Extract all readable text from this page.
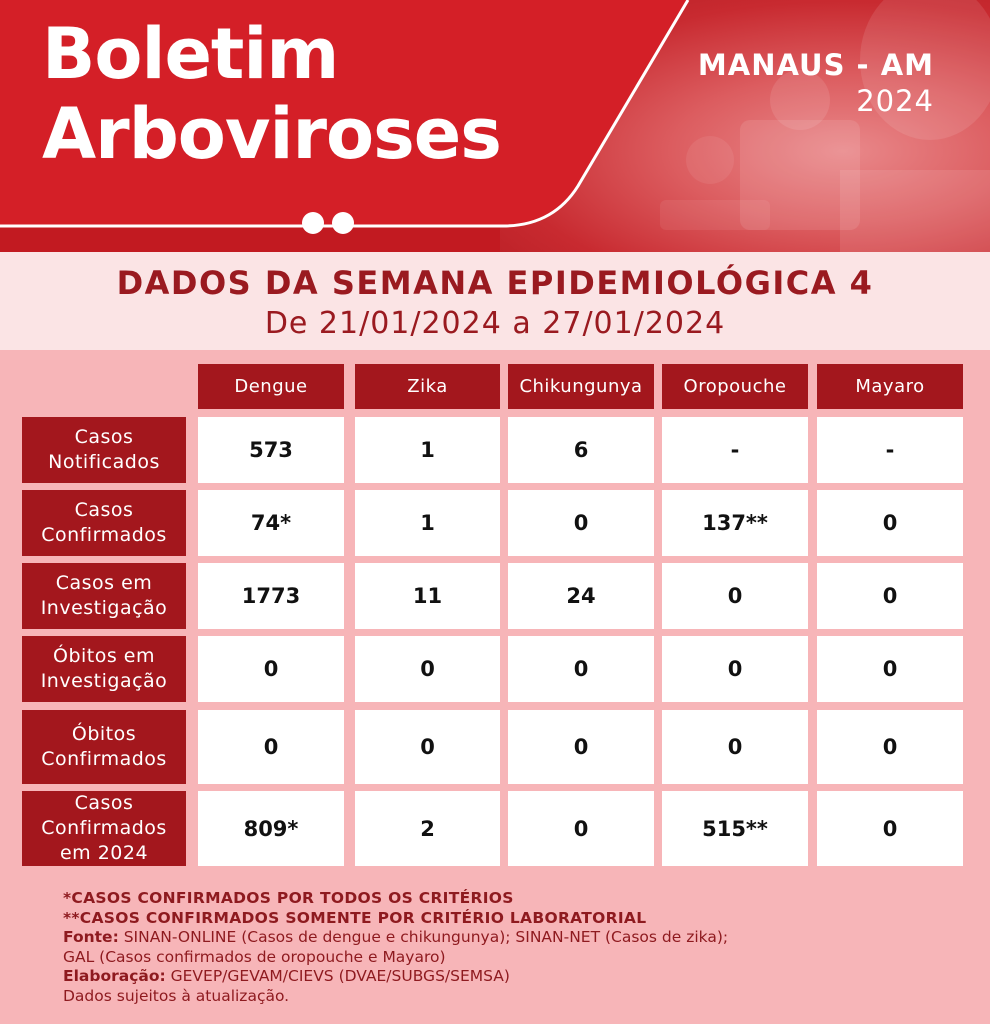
Boletim
Arboviroses
MANAUS - AM
2024
DADOS DA SEMANA EPIDEMIOLÓGICA 4
De 21/01/2024 a 27/01/2024
Dengue	Zika	Chikungunya	Oropouche	Mayaro
Casos
Notificados	573	1	6	-	-
Casos
Confirmados	74*	1	0	137**	0
Casos em
Investigação	1773	11	24	0	0
Óbitos em
Investigação	0	0	0	0	0
Óbitos
Confirmados	0	0	0	0	0
Casos
Confirmados
em 2024
809*	2	0	515**	0
*CASOS CONFIRMADOS POR TODOS OS CRITÉRIOS
**CASOS CONFIRMADOS SOMENTE POR CRITÉRIO LABORATORIAL
Fonte: SINAN-ONLINE (Casos de dengue e chikungunya); SINAN-NET (Casos de zika);
GAL (Casos confirmados de oropouche e Mayaro)
Elaboração: GEVEP/GEVAM/CIEVS (DVAE/SUBGS/SEMSA)
Dados sujeitos à atualização.
